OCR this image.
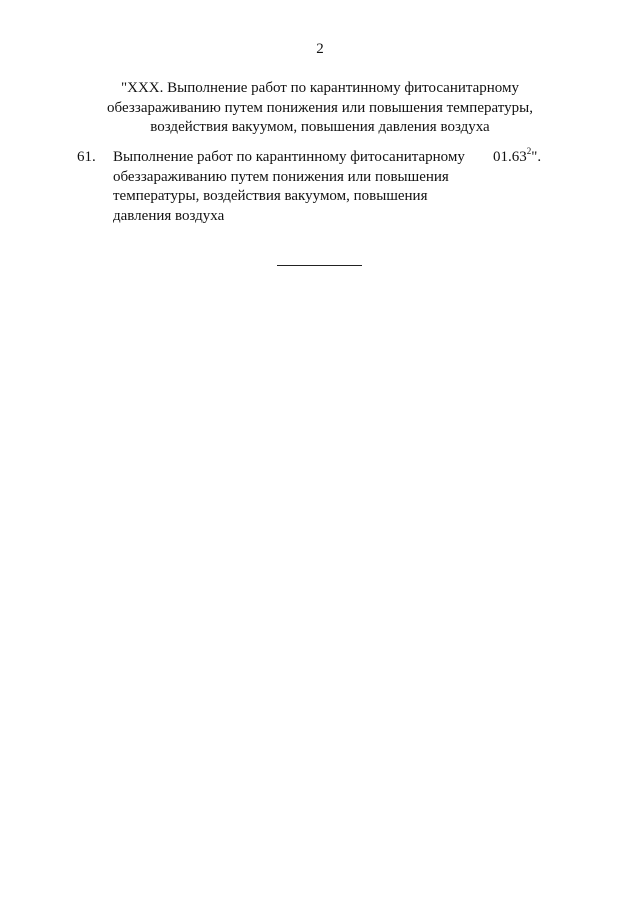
2
"XXX. Выполнение работ по карантинному фитосанитарному
обеззараживанию путем понижения или повышения температуры,
воздействия вакуумом, повышения давления воздуха
61. Выполнение работ по карантинному фитосанитарному
обеззараживанию путем понижения или повышения
температуры, воздействия вакуумом, повышения
давления воздуха
01.63$^2$".
